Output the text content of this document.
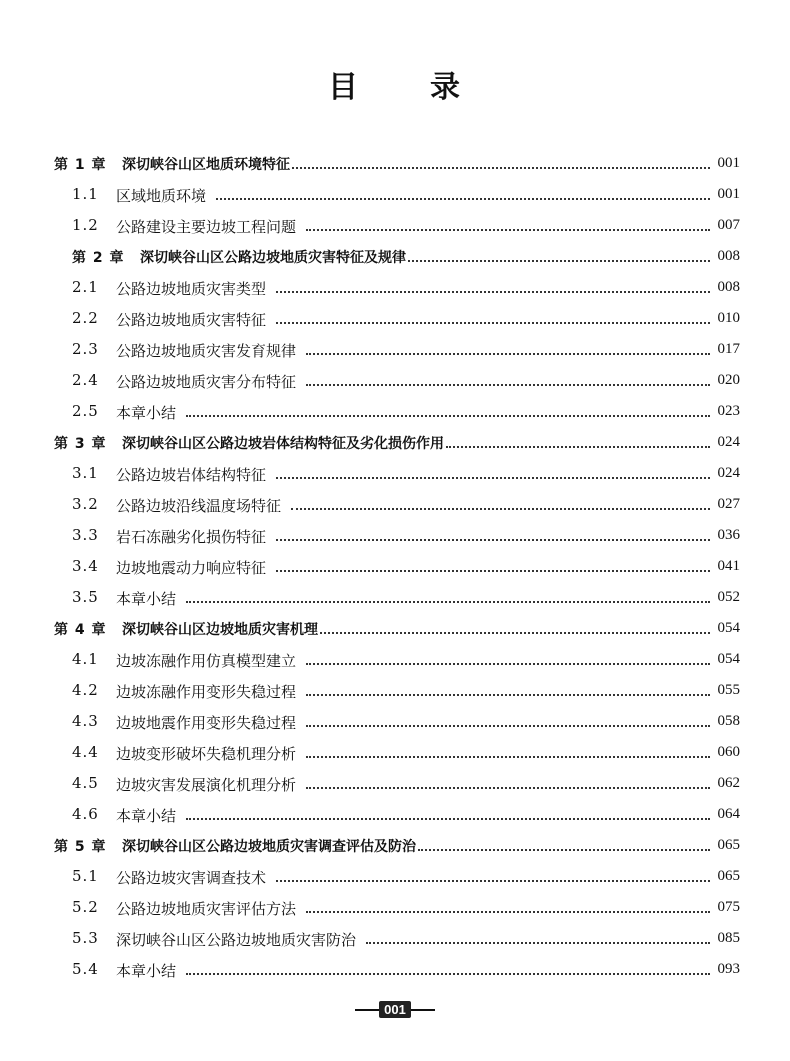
目 录
第 1 章 深切峡谷山区地质环境特征	001
1.1 区域地质环境	001
1.2 公路建设主要边坡工程问题	007
第 2 章 深切峡谷山区公路边坡地质灾害特征及规律	008
2.1 公路边坡地质灾害类型	008
2.2 公路边坡地质灾害特征	010
2.3 公路边坡地质灾害发育规律	017
2.4 公路边坡地质灾害分布特征	020
2.5 本章小结	023
第 3 章 深切峡谷山区公路边坡岩体结构特征及劣化损伤作用	024
3.1 公路边坡岩体结构特征	024
3.2 公路边坡沿线温度场特征	027
3.3 岩石冻融劣化损伤特征	036
3.4 边坡地震动力响应特征	041
3.5 本章小结	052
第 4 章 深切峡谷山区边坡地质灾害机理	054
4.1 边坡冻融作用仿真模型建立	054
4.2 边坡冻融作用变形失稳过程	055
4.3 边坡地震作用变形失稳过程	058
4.4 边坡变形破坏失稳机理分析	060
4.5 边坡灾害发展演化机理分析	062
4.6 本章小结	064
第 5 章 深切峡谷山区公路边坡地质灾害调查评估及防治	065
5.1 公路边坡灾害调查技术	065
5.2 公路边坡地质灾害评估方法	075
5.3 深切峡谷山区公路边坡地质灾害防治	085
5.4 本章小结	093
001
